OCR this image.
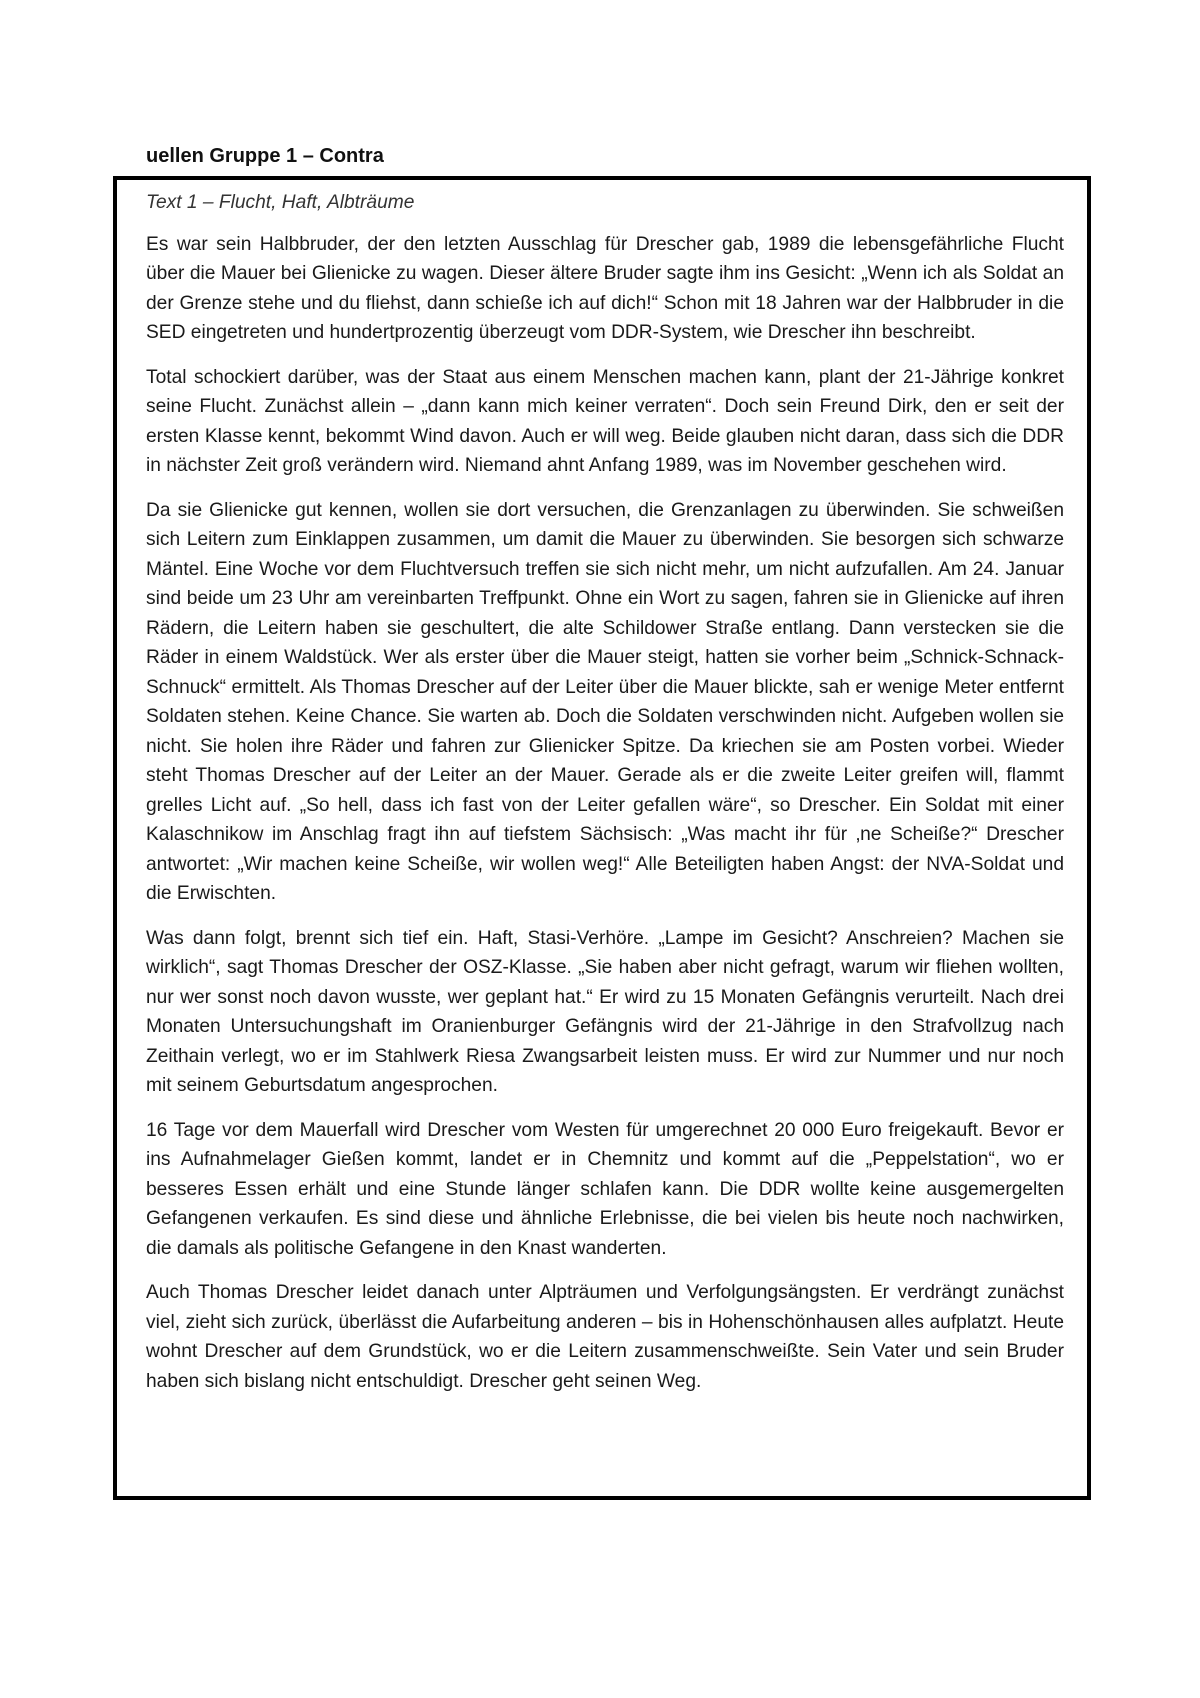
uellen Gruppe 1 – Contra

Text 1 – Flucht, Haft, Albträume

Es war sein Halbbruder, der den letzten Ausschlag für Drescher gab, 1989 die lebensgefährliche Flucht über die Mauer bei Glienicke zu wagen. Dieser ältere Bruder sagte ihm ins Gesicht: „Wenn ich als Soldat an der Grenze stehe und du fliehst, dann schieße ich auf dich!“ Schon mit 18 Jahren war der Halbbruder in die SED eingetreten und hundertprozentig überzeugt vom DDR-System, wie Drescher ihn beschreibt.

Total schockiert darüber, was der Staat aus einem Menschen machen kann, plant der 21-Jährige konkret seine Flucht. Zunächst allein – „dann kann mich keiner verraten“. Doch sein Freund Dirk, den er seit der ersten Klasse kennt, bekommt Wind davon. Auch er will weg. Beide glauben nicht daran, dass sich die DDR in nächster Zeit groß verändern wird. Niemand ahnt Anfang 1989, was im November geschehen wird.

Da sie Glienicke gut kennen, wollen sie dort versuchen, die Grenzanlagen zu überwinden. Sie schweißen sich Leitern zum Einklappen zusammen, um damit die Mauer zu überwinden. Sie besorgen sich schwarze Mäntel. Eine Woche vor dem Fluchtversuch treffen sie sich nicht mehr, um nicht aufzufallen. Am 24. Januar sind beide um 23 Uhr am vereinbarten Treffpunkt. Ohne ein Wort zu sagen, fahren sie in Glienicke auf ihren Rädern, die Leitern haben sie geschultert, die alte Schildower Straße entlang. Dann verstecken sie die Räder in einem Waldstück. Wer als erster über die Mauer steigt, hatten sie vorher beim „Schnick-Schnack-Schnuck“ ermittelt. Als Thomas Drescher auf der Leiter über die Mauer blickte, sah er wenige Meter entfernt Soldaten stehen. Keine Chance. Sie warten ab. Doch die Soldaten verschwinden nicht. Aufgeben wollen sie nicht. Sie holen ihre Räder und fahren zur Glienicker Spitze. Da kriechen sie am Posten vorbei. Wieder steht Thomas Drescher auf der Leiter an der Mauer. Gerade als er die zweite Leiter greifen will, flammt grelles Licht auf. „So hell, dass ich fast von der Leiter gefallen wäre“, so Drescher. Ein Soldat mit einer Kalaschnikow im Anschlag fragt ihn auf tiefstem Sächsisch: „Was macht ihr für ‚ne Scheiße?“ Drescher antwortet: „Wir machen keine Scheiße, wir wollen weg!“ Alle Beteiligten haben Angst: der NVA-Soldat und die Erwischten.

Was dann folgt, brennt sich tief ein. Haft, Stasi-Verhöre. „Lampe im Gesicht? Anschreien? Machen sie wirklich“, sagt Thomas Drescher der OSZ-Klasse. „Sie haben aber nicht gefragt, warum wir fliehen wollten, nur wer sonst noch davon wusste, wer geplant hat.“ Er wird zu 15 Monaten Gefängnis verurteilt. Nach drei Monaten Untersuchungshaft im Oranienburger Gefängnis wird der 21-Jährige in den Strafvollzug nach Zeithain verlegt, wo er im Stahlwerk Riesa Zwangsarbeit leisten muss. Er wird zur Nummer und nur noch mit seinem Geburtsdatum angesprochen.

16 Tage vor dem Mauerfall wird Drescher vom Westen für umgerechnet 20 000 Euro freigekauft. Bevor er ins Aufnahmelager Gießen kommt, landet er in Chemnitz und kommt auf die „Peppelstation“, wo er besseres Essen erhält und eine Stunde länger schlafen kann. Die DDR wollte keine ausgemergelten Gefangenen verkaufen. Es sind diese und ähnliche Erlebnisse, die bei vielen bis heute noch nachwirken, die damals als politische Gefangene in den Knast wanderten.

Auch Thomas Drescher leidet danach unter Alpträumen und Verfolgungsängsten. Er verdrängt zunächst viel, zieht sich zurück, überlässt die Aufarbeitung anderen – bis in Hohenschönhausen alles aufplatzt. Heute wohnt Drescher auf dem Grundstück, wo er die Leitern zusammenschweißte. Sein Vater und sein Bruder haben sich bislang nicht entschuldigt. Drescher geht seinen Weg.
